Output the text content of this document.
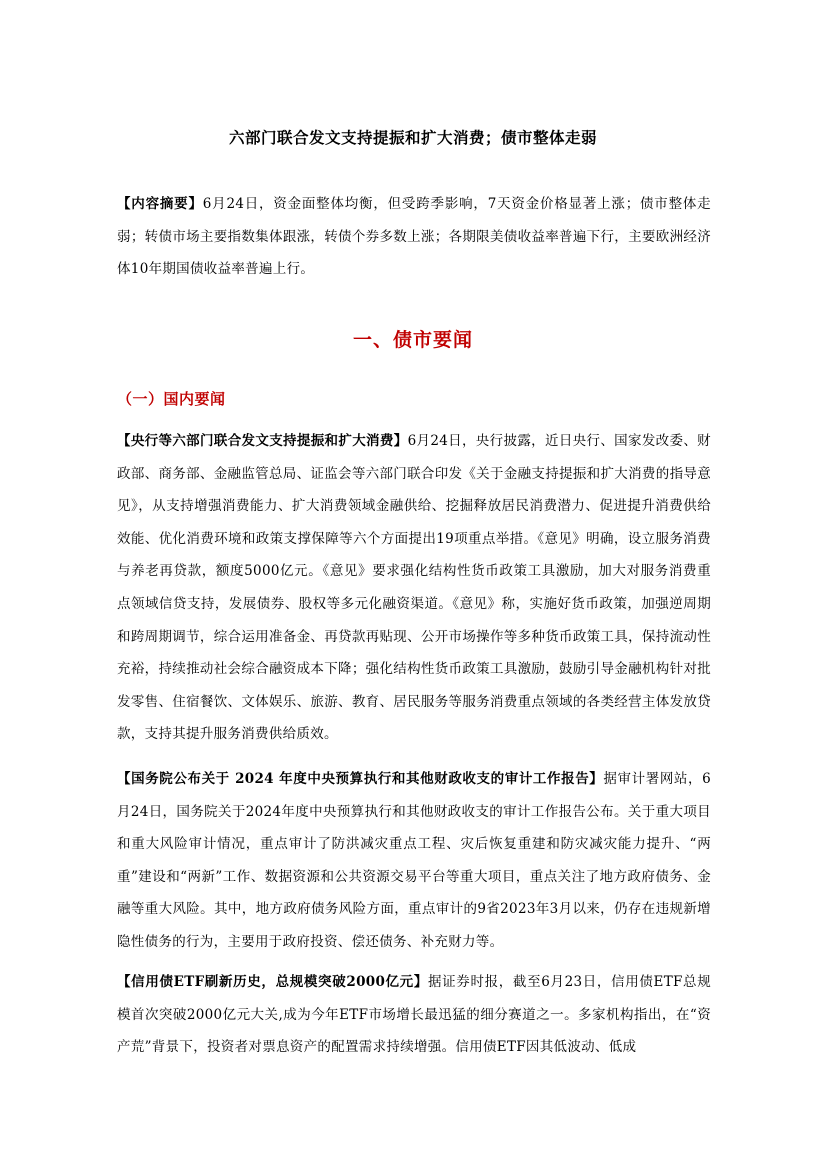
六部门联合发文支持提振和扩大消费；债市整体走弱
【内容摘要】6月24日，资金面整体均衡，但受跨季影响，7天资金价格显著上涨；债市整体走弱；转债市场主要指数集体跟涨，转债个券多数上涨；各期限美债收益率普遍下行，主要欧洲经济体10年期国债收益率普遍上行。
一、债市要闻
（一）国内要闻
【央行等六部门联合发文支持提振和扩大消费】6月24日，央行披露，近日央行、国家发改委、财政部、商务部、金融监管总局、证监会等六部门联合印发《关于金融支持提振和扩大消费的指导意见》，从支持增强消费能力、扩大消费领域金融供给、挖掘释放居民消费潜力、促进提升消费供给效能、优化消费环境和政策支撑保障等六个方面提出19项重点举措。《意见》明确，设立服务消费与养老再贷款，额度5000亿元。《意见》要求强化结构性货币政策工具激励，加大对服务消费重点领域信贷支持，发展债券、股权等多元化融资渠道。《意见》称，实施好货币政策，加强逆周期和跨周期调节，综合运用准备金、再贷款再贴现、公开市场操作等多种货币政策工具，保持流动性充裕，持续推动社会综合融资成本下降；强化结构性货币政策工具激励，鼓励引导金融机构针对批发零售、住宿餐饮、文体娱乐、旅游、教育、居民服务等服务消费重点领域的各类经营主体发放贷款，支持其提升服务消费供给质效。
【国务院公布关于 2024 年度中央预算执行和其他财政收支的审计工作报告】据审计署网站，6月24日，国务院关于2024年度中央预算执行和其他财政收支的审计工作报告公布。关于重大项目和重大风险审计情况，重点审计了防洪减灾重点工程、灾后恢复重建和防灾减灾能力提升、“两重”建设和“两新”工作、数据资源和公共资源交易平台等重大项目，重点关注了地方政府债务、金融等重大风险。其中，地方政府债务风险方面，重点审计的9省2023年3月以来，仍存在违规新增隐性债务的行为，主要用于政府投资、偿还债务、补充财力等。
【信用债ETF刷新历史，总规模突破2000亿元】据证券时报，截至6月23日，信用债ETF总规模首次突破2000亿元大关,成为今年ETF市场增长最迅猛的细分赛道之一。多家机构指出，在“资产荒”背景下，投资者对票息资产的配置需求持续增强。信用债ETF因其低波动、低成
